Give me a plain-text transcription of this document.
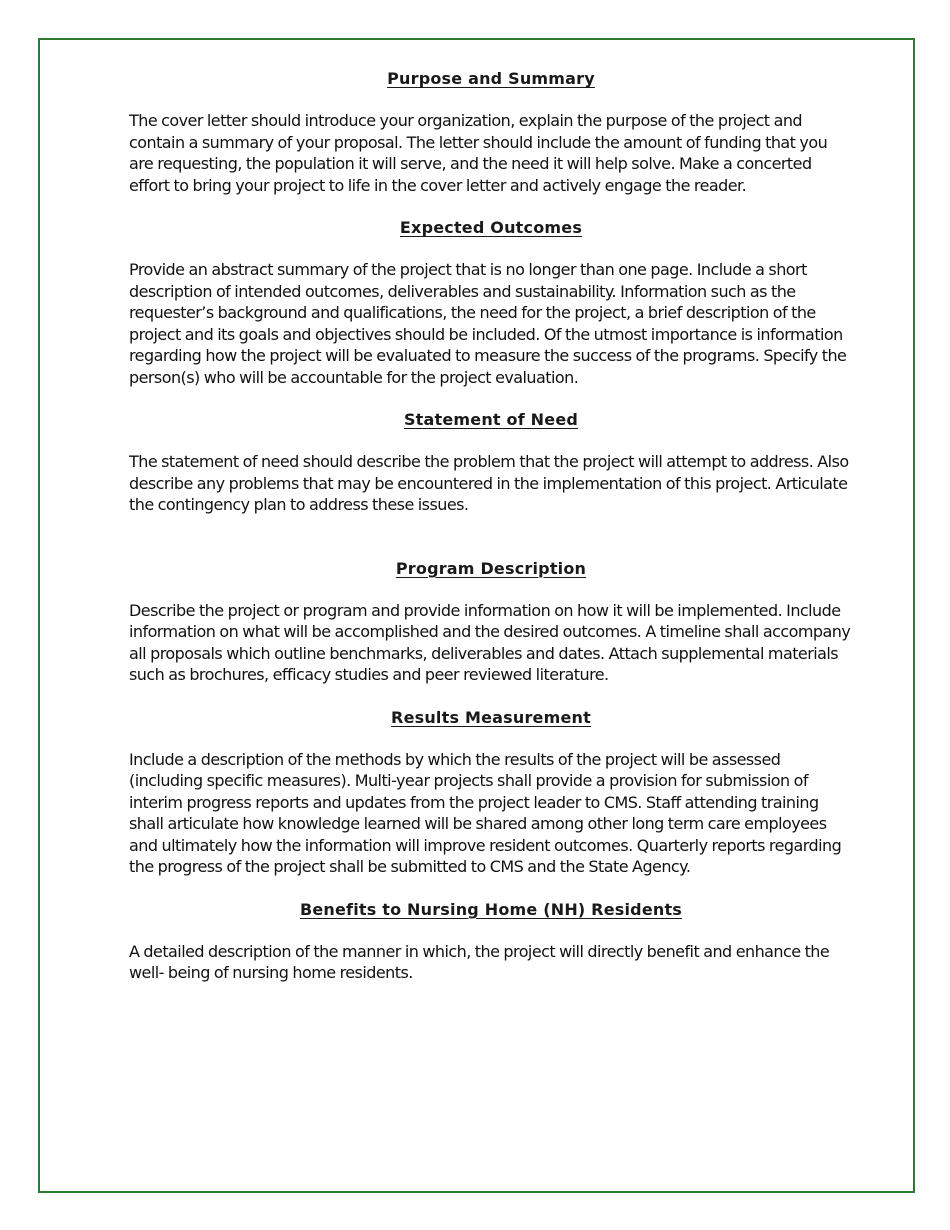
Purpose and Summary

The cover letter should introduce your organization, explain the purpose of the project and contain a summary of your proposal. The letter should include the amount of funding that you are requesting, the population it will serve, and the need it will help solve. Make a concerted effort to bring your project to life in the cover letter and actively engage the reader.

Expected Outcomes

Provide an abstract summary of the project that is no longer than one page. Include a short description of intended outcomes, deliverables and sustainability. Information such as the requester’s background and qualifications, the need for the project, a brief description of the project and its goals and objectives should be included. Of the utmost importance is information regarding how the project will be evaluated to measure the success of the programs. Specify the person(s) who will be accountable for the project evaluation.

Statement of Need

The statement of need should describe the problem that the project will attempt to address. Also describe any problems that may be encountered in the implementation of this project. Articulate the contingency plan to address these issues.

Program Description

Describe the project or program and provide information on how it will be implemented. Include information on what will be accomplished and the desired outcomes. A timeline shall accompany all proposals which outline benchmarks, deliverables and dates. Attach supplemental materials such as brochures, efficacy studies and peer reviewed literature.

Results Measurement

Include a description of the methods by which the results of the project will be assessed (including specific measures). Multi-year projects shall provide a provision for submission of interim progress reports and updates from the project leader to CMS. Staff attending training shall articulate how knowledge learned will be shared among other long term care employees and ultimately how the information will improve resident outcomes. Quarterly reports regarding the progress of the project shall be submitted to CMS and the State Agency.

Benefits to Nursing Home (NH) Residents

A detailed description of the manner in which, the project will directly benefit and enhance the well- being of nursing home residents.
